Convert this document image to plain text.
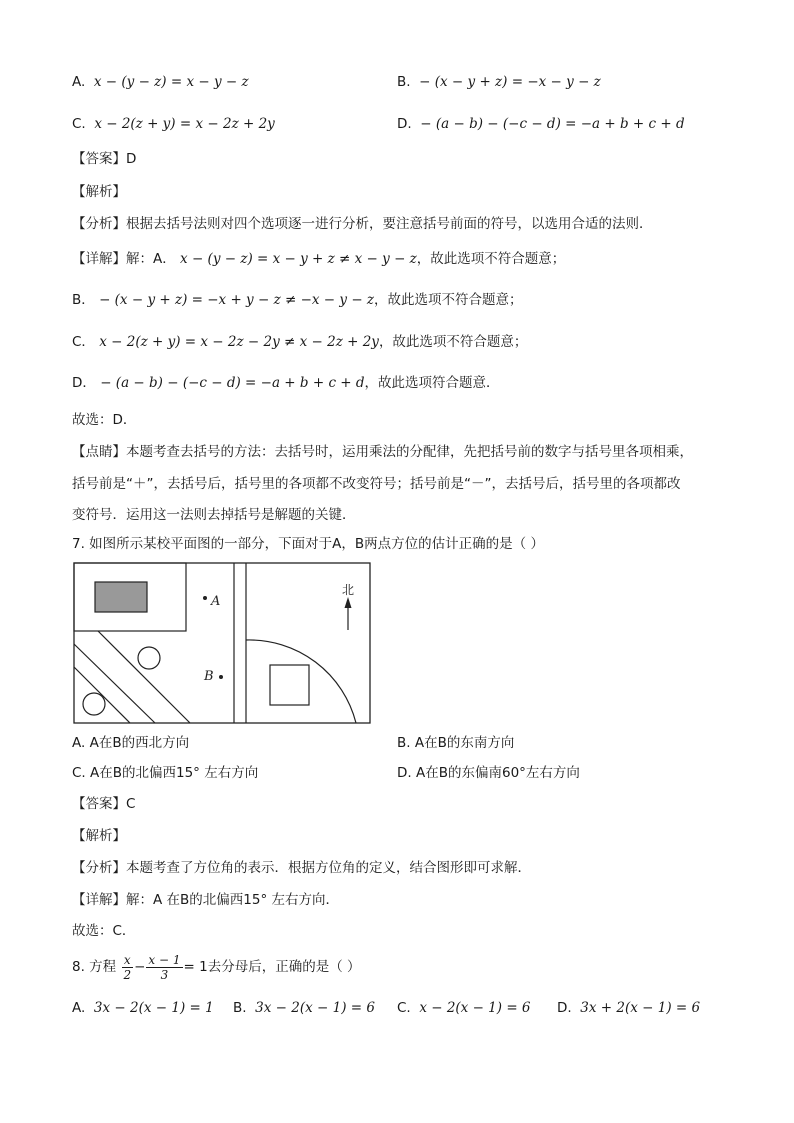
A. x − (y − z) = x − y − z	B. − (x − y + z) = −x − y − z
C. x − 2(z + y) = x − 2z + 2y	D. − (a − b) − (−c − d) = −a + b + c + d
【答案】D
【解析】
【分析】根据去括号法则对四个选项逐一进行分析，要注意括号前面的符号，以选用合适的法则．
【详解】解：A． x − (y − z) = x − y + z ≠ x − y − z，故此选项不符合题意；
B． − (x − y + z) = −x + y − z ≠ −x − y − z，故此选项不符合题意；
C． x − 2(z + y) = x − 2z − 2y ≠ x − 2z + 2y，故此选项不符合题意；
D． − (a − b) − (−c − d) = −a + b + c + d，故此选项符合题意．
故选：D．
【点睛】本题考查去括号的方法：去括号时，运用乘法的分配律，先把括号前的数字与括号里各项相乘，
括号前是“＋”，去括号后，括号里的各项都不改变符号；括号前是“－”，去括号后，括号里的各项都改
变符号．运用这一法则去掉括号是解题的关键．
7. 如图所示某校平面图的一部分，下面对于A，B两点方位的估计正确的是（ ）
A
B
北
A. A在B的西北方向	B. A在B的东南方向
C. A在B的北偏西15° 左右方向	D. A在B的东偏南60°左右方向
【答案】C
【解析】
【分析】本题考查了方位角的表示．根据方位角的定义，结合图形即可求解．
【详解】解：A 在B的北偏西15° 左右方向．
故选：C．
8. 方程 $\frac{x}{2} - \frac{x - 1}{3} = 1$去分母后，正确的是（ ）
A. 3x − 2(x − 1) = 1 B. 3x − 2(x − 1) = 6 C. x − 2(x − 1) = 6 D. 3x + 2(x − 1) = 6
